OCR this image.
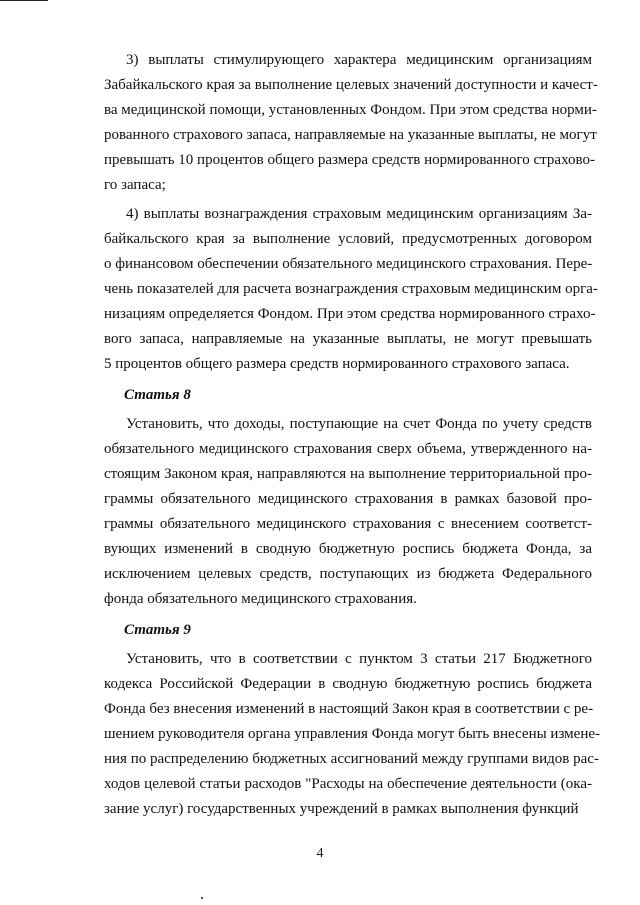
3) выплаты стимулирующего характера медицинским организациям
Забайкальского края за выполнение целевых значений доступности и качест-
ва медицинской помощи, установленных Фондом. При этом средства норми-
рованного страхового запаса, направляемые на указанные выплаты, не могут
превышать 10 процентов общего размера средств нормированного страхово-
го запаса;
4) выплаты вознаграждения страховым медицинским организациям За-
байкальского края за выполнение условий, предусмотренных договором
о финансовом обеспечении обязательного медицинского страхования. Пере-
чень показателей для расчета вознаграждения страховым медицинским орга-
низациям определяется Фондом. При этом средства нормированного страхо-
вого запаса, направляемые на указанные выплаты, не могут превышать
5 процентов общего размера средств нормированного страхового запаса.
Статья 8
Установить, что доходы, поступающие на счет Фонда по учету средств
обязательного медицинского страхования сверх объема, утвержденного на-
стоящим Законом края, направляются на выполнение территориальной про-
граммы обязательного медицинского страхования в рамках базовой про-
граммы обязательного медицинского страхования с внесением соответст-
вующих изменений в сводную бюджетную роспись бюджета Фонда, за
исключением целевых средств, поступающих из бюджета Федерального
фонда обязательного медицинского страхования.
Статья 9
Установить, что в соответствии с пунктом 3 статьи 217 Бюджетного
кодекса Российской Федерации в сводную бюджетную роспись бюджета
Фонда без внесения изменений в настоящий Закон края в соответствии с ре-
шением руководителя органа управления Фонда могут быть внесены измене-
ния по распределению бюджетных ассигнований между группами видов рас-
ходов целевой статьи расходов "Расходы на обеспечение деятельности (ока-
зание услуг) государственных учреждений в рамках выполнения функций
4
